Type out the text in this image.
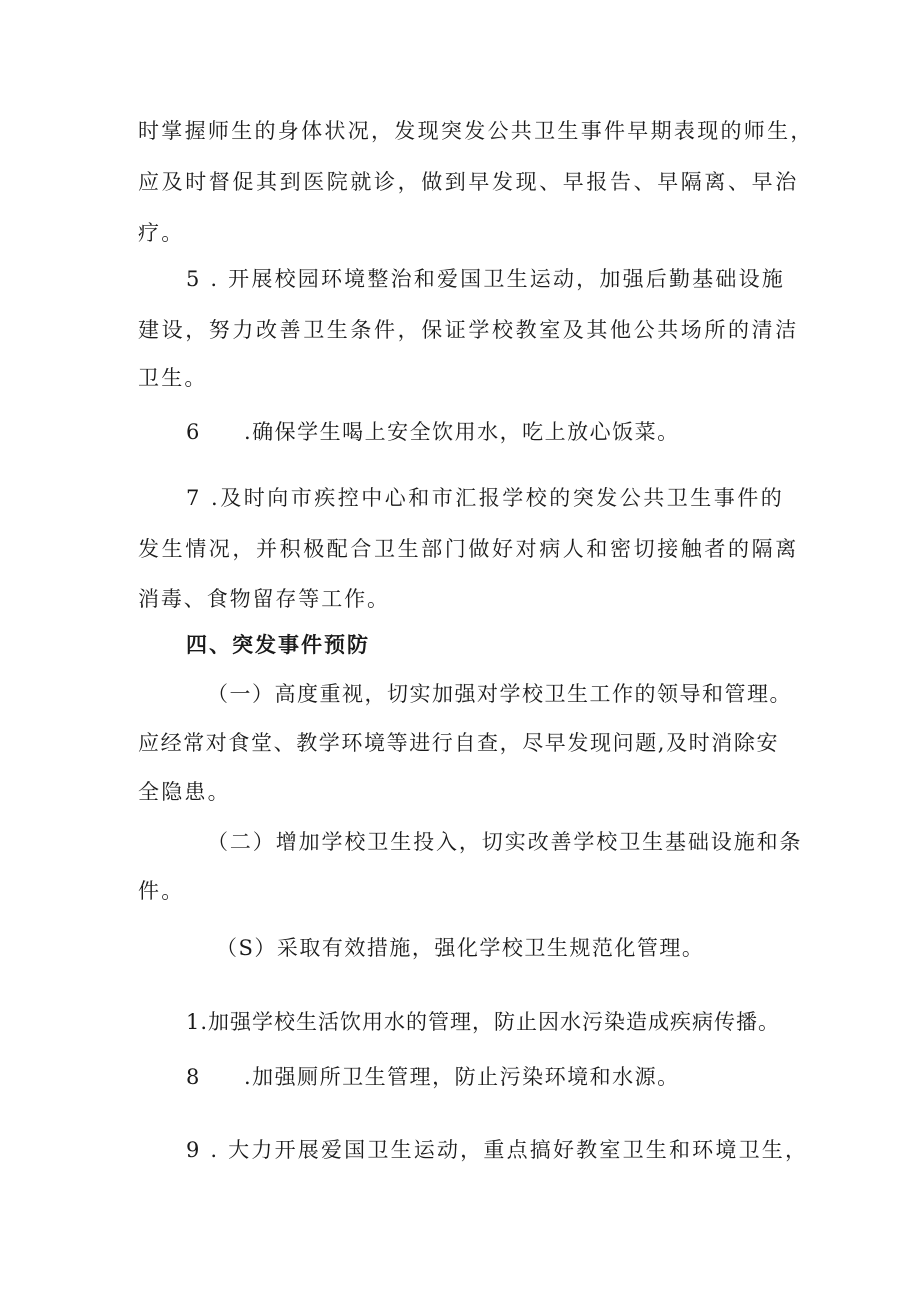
时掌握师生的身体状况，发现突发公共卫生事件早期表现的师生，
应及时督促其到医院就诊，做到早发现、早报告、早隔离、早治
疗。
5 . 开展校园环境整治和爱国卫生运动，加强后勤基础设施
建设，努力改善卫生条件，保证学校教室及其他公共场所的清洁
卫生。
6 .确保学生喝上安全饮用水，吃上放心饭菜。
7 .及时向市疾控中心和市汇报学校的突发公共卫生事件的
发生情况，并积极配合卫生部门做好对病人和密切接触者的隔离
消毒、食物留存等工作。
四、突发事件预防
（一）高度重视，切实加强对学校卫生工作的领导和管理。
应经常对食堂、教学环境等进行自查，尽早发现问题,及时消除安
全隐患。
（二）增加学校卫生投入，切实改善学校卫生基础设施和条
件。
（S）采取有效措施，强化学校卫生规范化管理。
1.加强学校生活饮用水的管理，防止因水污染造成疾病传播。
8 .加强厕所卫生管理，防止污染环境和水源。
9 . 大力开展爱国卫生运动，重点搞好教室卫生和环境卫生，
